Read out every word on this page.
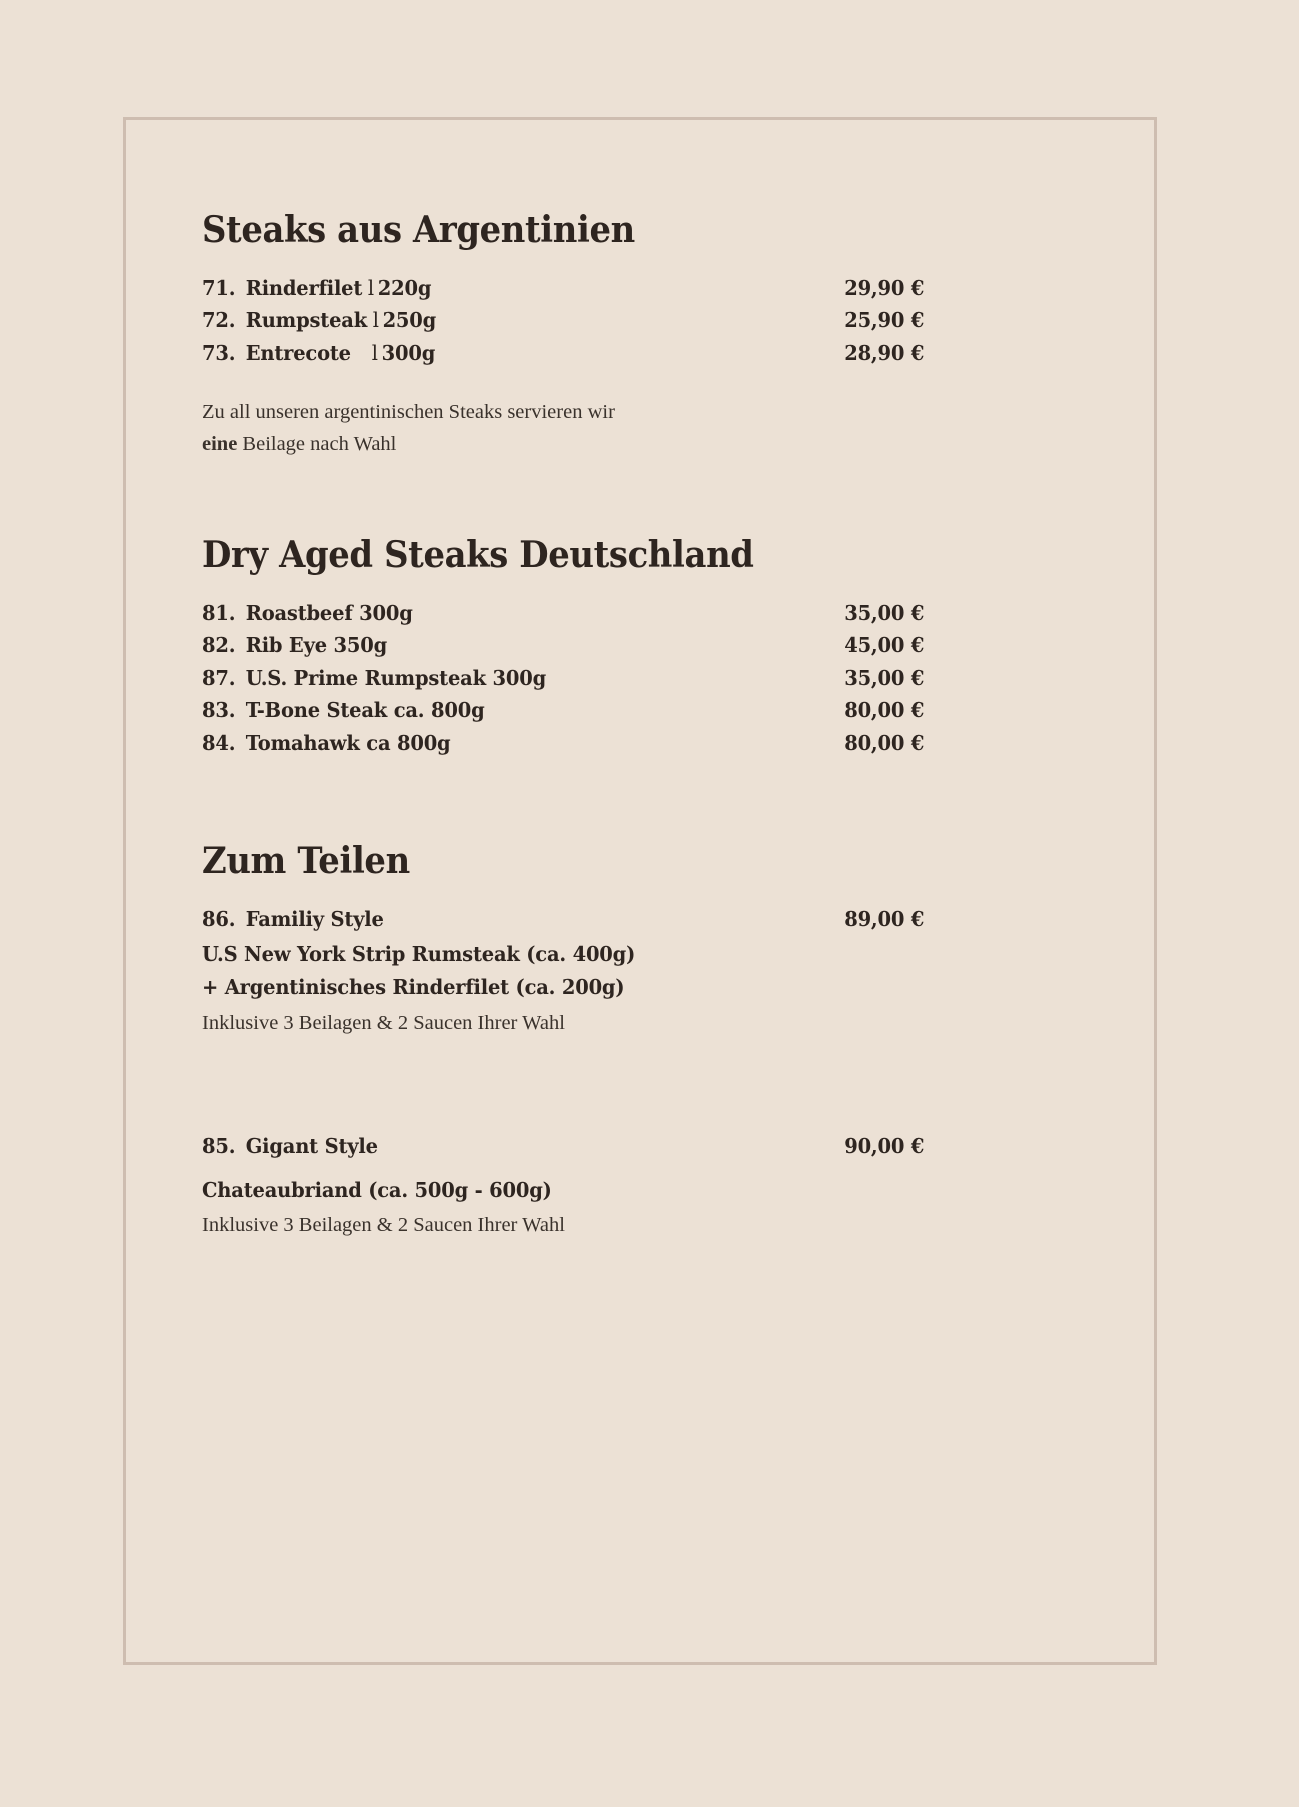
Steaks aus Argentinien
71. Rinderfilet l 220g	29,90 €
72. Rumpsteak l 250g	25,90 €
73. Entrecote	l 300g	28,90 €

Zu all unseren argentinischen Steaks servieren wir
eine Beilage nach Wahl

Dry Aged Steaks Deutschland
81. Roastbeef 300g	35,00 €
82. Rib Eye 350g	45,00 €
87. U.S. Prime Rumpsteak 300g	35,00 €
83. T-Bone Steak ca. 800g	80,00 €
84. Tomahawk ca 800g	80,00 €
Zum Teilen
86. Familiy Style	89,00 €
U.S New York Strip Rumsteak (ca. 400g)
+ Argentinisches Rinderfilet (ca. 200g)
Inklusive 3 Beilagen & 2 Saucen Ihrer Wahl
85. Gigant Style	90,00 €
Chateaubriand (ca. 500g - 600g)
Inklusive 3 Beilagen & 2 Saucen Ihrer Wahl
